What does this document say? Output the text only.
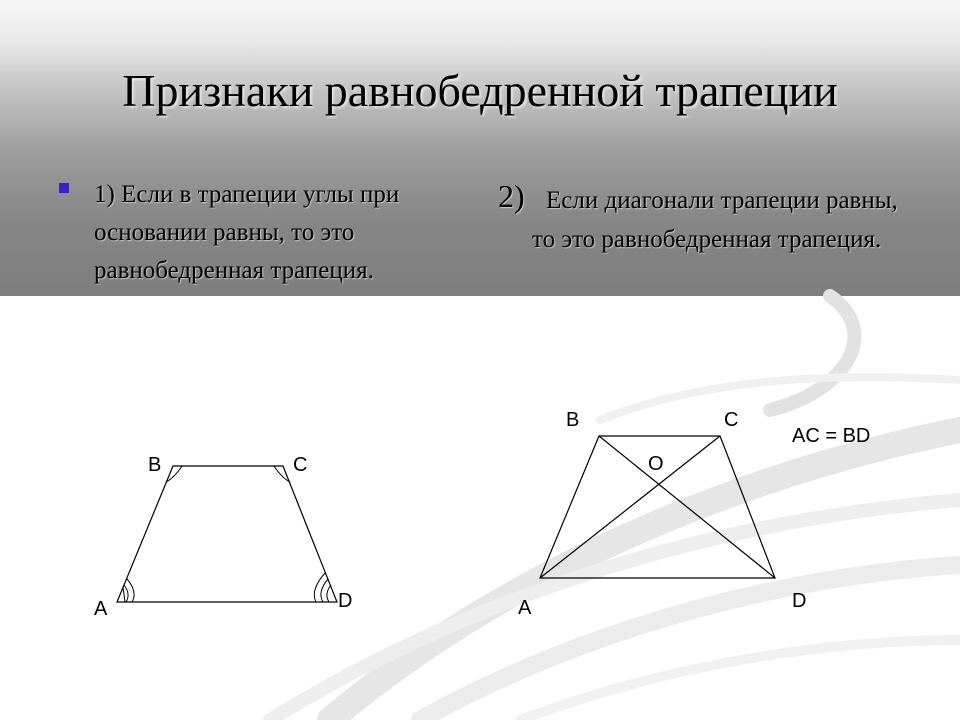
Признаки равнобедренной трапеции
1) Если в трапеции углы при основании равны, то это равнобедренная трапеция.
2) Если диагонали трапеции равны, то это равнобедренная трапеция.
A
B	C
D	A
B	C
D
O
AC = BD
